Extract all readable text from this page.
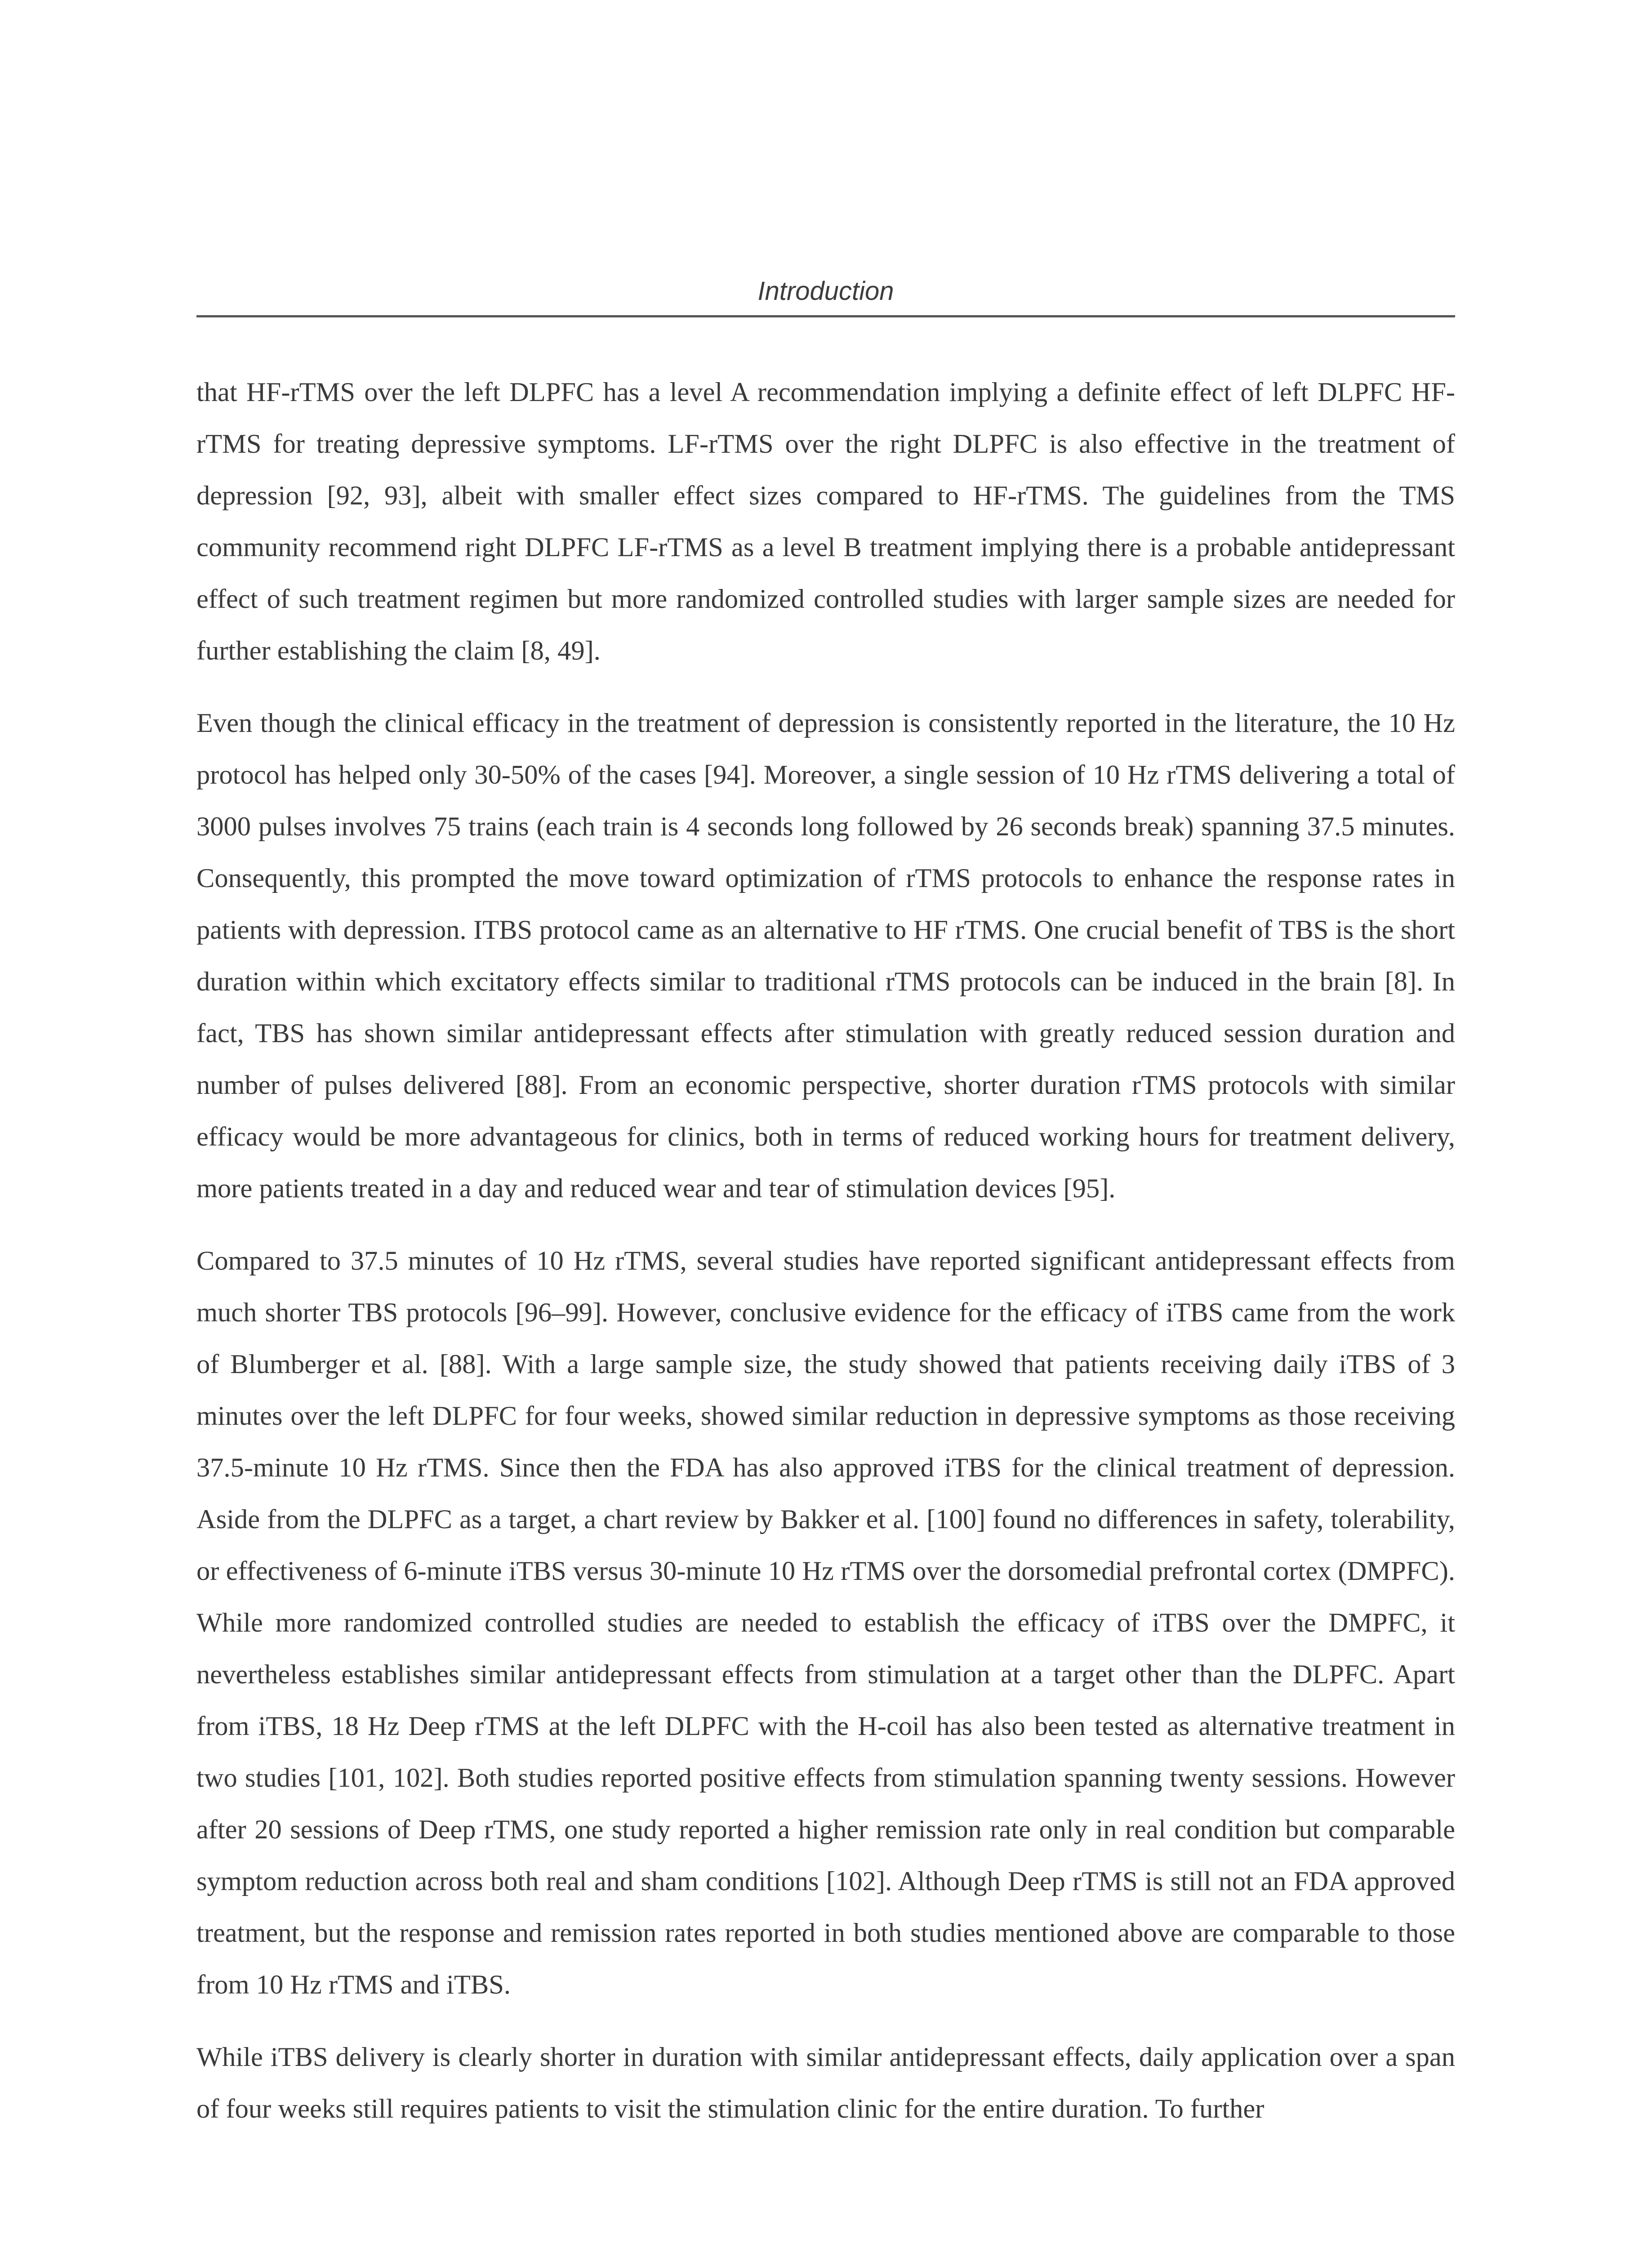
Introduction

that HF-rTMS over the left DLPFC has a level A recommendation implying a definite effect of left DLPFC HF-rTMS for treating depressive symptoms. LF-rTMS over the right DLPFC is also effective in the treatment of depression [92, 93], albeit with smaller effect sizes compared to HF-rTMS. The guidelines from the TMS community recommend right DLPFC LF-rTMS as a level B treatment implying there is a probable antidepressant effect of such treatment regimen but more randomized controlled studies with larger sample sizes are needed for further establishing the claim [8, 49].

Even though the clinical efficacy in the treatment of depression is consistently reported in the literature, the 10 Hz protocol has helped only 30-50% of the cases [94]. Moreover, a single session of 10 Hz rTMS delivering a total of 3000 pulses involves 75 trains (each train is 4 seconds long followed by 26 seconds break) spanning 37.5 minutes. Consequently, this prompted the move toward optimization of rTMS protocols to enhance the response rates in patients with depression. ITBS protocol came as an alternative to HF rTMS. One crucial benefit of TBS is the short duration within which excitatory effects similar to traditional rTMS protocols can be induced in the brain [8]. In fact, TBS has shown similar antidepressant effects after stimulation with greatly reduced session duration and number of pulses delivered [88]. From an economic perspective, shorter duration rTMS protocols with similar efficacy would be more advantageous for clinics, both in terms of reduced working hours for treatment delivery, more patients treated in a day and reduced wear and tear of stimulation devices [95].

Compared to 37.5 minutes of 10 Hz rTMS, several studies have reported significant antidepressant effects from much shorter TBS protocols [96–99]. However, conclusive evidence for the efficacy of iTBS came from the work of Blumberger et al. [88]. With a large sample size, the study showed that patients receiving daily iTBS of 3 minutes over the left DLPFC for four weeks, showed similar reduction in depressive symptoms as those receiving 37.5-minute 10 Hz rTMS. Since then the FDA has also approved iTBS for the clinical treatment of depression. Aside from the DLPFC as a target, a chart review by Bakker et al. [100] found no differences in safety, tolerability, or effectiveness of 6-minute iTBS versus 30-minute 10 Hz rTMS over the dorsomedial prefrontal cortex (DMPFC). While more randomized controlled studies are needed to establish the efficacy of iTBS over the DMPFC, it nevertheless establishes similar antidepressant effects from stimulation at a target other than the DLPFC. Apart from iTBS, 18 Hz Deep rTMS at the left DLPFC with the H-coil has also been tested as alternative treatment in two studies [101, 102]. Both studies reported positive effects from stimulation spanning twenty sessions. However after 20 sessions of Deep rTMS, one study reported a higher remission rate only in real condition but comparable symptom reduction across both real and sham conditions [102]. Although Deep rTMS is still not an FDA approved treatment, but the response and remission rates reported in both studies mentioned above are comparable to those from 10 Hz rTMS and iTBS.

While iTBS delivery is clearly shorter in duration with similar antidepressant effects, daily application over a span of four weeks still requires patients to visit the stimulation clinic for the entire duration. To further
